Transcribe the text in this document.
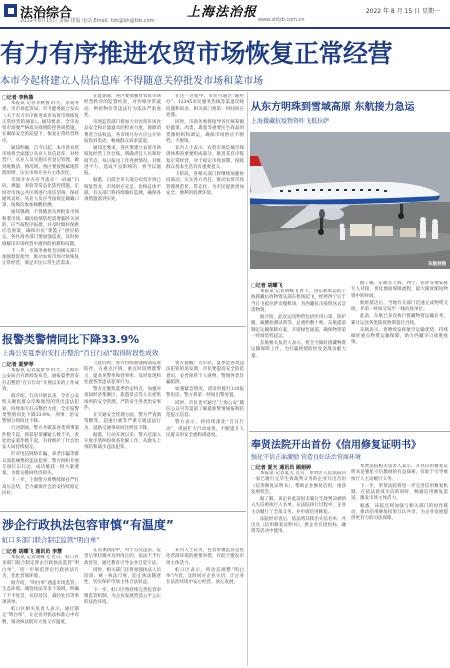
法治综合
2022年8月15日 责编 排版 电话 Email: fzb@bh@fzb.com
上海法治报 www.shfzb.com.cn
2022 年 8 月 15 日 星期一
有力有序推进农贸市场恢复正常经营
本市今起将建立人员信息库 不得随意关停批发市场和菜市场
□记者 李秋鲁

本报讯 记者李秋鲁 昨天，市商务委、市市场监管局、市卫健委联合发布《关于有力有序推进本市农贸市场恢复正常经营的通知》。通知要求，全市农贸市场要严格落实疫情防控各项措施，在确保安全的前提下，恢复正常经营秩序。

通知明确，自今日起，本市各农贸市场将全面建立从业人员信息库，对经营户、从业人员实施实名登记管理，做到底数清、情况明。各区要按照属地管理原则，压实市场开办方主体责任。

市场开办方应当落实“一码通”扫码、测温、查验等常态化防控措施，定时对市场公共区域进行清洁消毒，保持通风良好。从业人员应当按规定佩戴口罩，按频次参加核酸检测。

通知强调，不得随意关停批发市场和菜市场。确因疫情防控需要临时关闭的，应当按程序报批，并及时做好保供应急预案，确保市民“菜篮子”供应稳定。各区商务部门要加强巡查，及时协调解决市场经营中遇到的困难和问题。

下一步，市商务委将会同相关部门加强督促指导，推动农贸市场尽快恢复正常经营，满足市民日常生活需求。

在此期间，各区要加强对农贸市场经营秩序的监督检查，对价格异常波动、哄抬物价等违法行为依法严肃查处。

市场监管部门将加大对农贸市场食品安全和计量器具的检查力度，保障消费者合法权益。各市场开办方应公开举报投诉电话，畅通群众诉求渠道。

通知还要求，各区要建立农贸市场恢复经营工作台账，明确责任人员和时间节点，每日报送工作进展情况。对推进不力、造成不良影响的，将予以通报。

据悉，目前全市大部分农贸市场已恢复营业，市场供应充足，价格总体平稳。有关部门将持续做好监测，确保各项措施落到实处。

在这一过程中，市民可通过“随申办”、12345市民服务热线等渠道反映问题和诉求，相关部门将第一时间回应处理。

同时，市商务委将指导各区统筹做好蔬菜、肉类、禽蛋等重要民生商品的货源组织和调运，确保市场供应不断档、不脱销。

业内人士表示，农贸市场是城市保供体系的重要组成部分，推进其有序恢复正常经营，对于稳定市场预期、保障群众基本生活具有重要意义。

下阶段，各相关部门将继续加强协同联动，压实各方责任，推动农贸市场管理规范化、常态化，为市民提供更加安全、便利的消费环境。

从东方明珠到雪域高原 东航接力急运
上海援藏抗疫物资昨飞抵拉萨
东航供图
□记者 胡蝶飞

本报讯 记者胡蝶飞 昨天，由东航承运的上海援藏抗疫物资从浦东机场起飞，经停西宁后于当日飞抵拉萨贡嘎机场，为西藏抗击疫情送去急需物资。

据介绍，此次运送物资包括医用口罩、防护服、核酸检测试剂等，总重约数十吨。东航提前制定运输保障方案，开辟绿色通道，确保物资第一时间装机起运。

东航相关负责人表示，将全力做好援藏物资运输保障工作，为打赢疫情防控攻坚战贡献力量。

据了解，东航在上海、西宁、拉萨等地安排专人对接，优化地面保障流程，最大限度缩短物资中转时间。

航班抵达后，当地有关部门迅速完成物资交接，并第一时间分发至一线抗疫单位。

此前，东航已多次执行援藏物资运输任务，累计运送各类防疫物资超过百吨。

东航表示，将继续发挥航空运输优势，持续做好重点物资运输保障，助力西藏早日战胜疫情。

报警类警情同比下降33.9%
上海公安夏季治安打击整治“百日行动”取得阶段性成效
□记者 夏梦琴

本报讯 记者夏梦琴 昨天，上海市公安局召开新闻发布会，通报夏季治安打击整治“百日行动”开展以来的工作成效。

据介绍，行动开展以来，全市公安机关聚焦群众反映强烈的突出违法犯罪，持续加大打击整治力度，全市报警类警情同比下降33.9%，刑事、治安警情分别同比下降。

行动期间，警方共破获各类刑事案件数千起，抓获犯罪嫌疑人数千名，查处治安案件数千起，有效维护了社会治安大局持续稳定。

针对电信网络诈骗、养老诈骗等群众深恶痛绝的违法犯罪，警方组织开展专项打击行动，成功破获一批大案要案，为群众挽回经济损失。

下一步，上海警方将继续保持严打高压态势，全力确保社会治安持续稳定向好。

与此同时，警方持续加强街面巡逻防控，在重点区域、重点时段增派警力，提高见警率和管事率，及时发现和处置各类违法犯罪行为。

警方还聚焦夏季治安特点，加强对夜间经济集聚区、旅游景点等人员密集场所的安全管理，严防发生各类治安事件。

在交通安全管理方面，警方严查酒驾醉驾、超速行驶等严重交通违法行为，道路交通事故同比明显下降。

据悉，行动开展以来，警方还深入开展矛盾纠纷排查化解工作，从源头上预防和减少违法犯罪。

警方提醒广大市民，夏季是各类违法犯罪的易发期，市民要提高安全防范意识，妥善保管个人财物，警惕各类诈骗陷阱。

如遇紧急情况，请及时拨打110报警电话，警方将第一时间出警处置。

同时，市民也可通过“上海公安”微信公众号等渠道了解最新警情通报和防范提示信息。

警方表示，将持续深化“百日行动”，巩固扩大行动成果，不断提升人民群众的安全感和满意度。

涉企行政执法包容审慎“有温度”
虹口多部门联合制定监管“明白单”
□记者 胡蝶飞 通讯员 李慧

本报讯 记者胡蝶飞 近日，虹口区多部门联合制定涉企行政执法监管“明白单”，进一步规范涉企行政执法行为，优化营商环境。

据介绍，“明白单”涵盖市场监管、生态环境、城管执法等多个领域，明确了不予处罚、从轻处罚、减轻处罚等事项清单。

虹口区相关负责人表示，通过制定“明白单”，让企业对执法标准心中有数，推动执法既有力度又有温度。

在具体执法中，对于首次违法、危害后果轻微并及时改正的，依法不予行政处罚，通过教育引导企业自觉守法。

同时，相关部门还将加强执法人员培训，统一执法尺度，防止执法随意性，切实保护市场主体合法权益。

下一步，虹口区将持续完善包容审慎监管机制，为企业发展营造公平公正的法治环境。

业内人士认为，包容审慎监管是优化营商环境的重要举措，有助于激发市场主体活力。

虹口区表示，将动态调整“明白单”内容，及时回应企业关切，让企业在法治环境中安心经营、放心发展。

奉贤法院开出首份《信用修复证明书》
强化守信正面激励 营造良好法治营商环境
□记者 夏天 通讯员 顾娟婷

本报讯 记者夏天 近日，奉贤区人民法院向一家已履行完毕生效裁判义务的企业开出首份《信用修复证明书》，帮助企业修复信用，重获发展机会。

据了解，该企业此前因未履行生效判决被纳入失信被执行人名单。在法院执行过程中，企业主动履行了全部义务，并申请信用修复。

法院经审查后，依法将其移出失信名单，并出具《信用修复证明书》，供企业在招投标、融资等活动中使用。

奉贤法院相关负责人表示，开具信用修复证明书是强化守信激励的有益探索，有助于引导被执行人主动履行义务。

下一步，奉贤法院将进一步完善信用修复机制，在依法惩戒失信的同时，畅通信用修复渠道，激发市场主体活力。

据悉，该院还将加强与相关部门的协作联动，推动信用修复结果互认共享，为企业发展提供更有力的司法保障。
